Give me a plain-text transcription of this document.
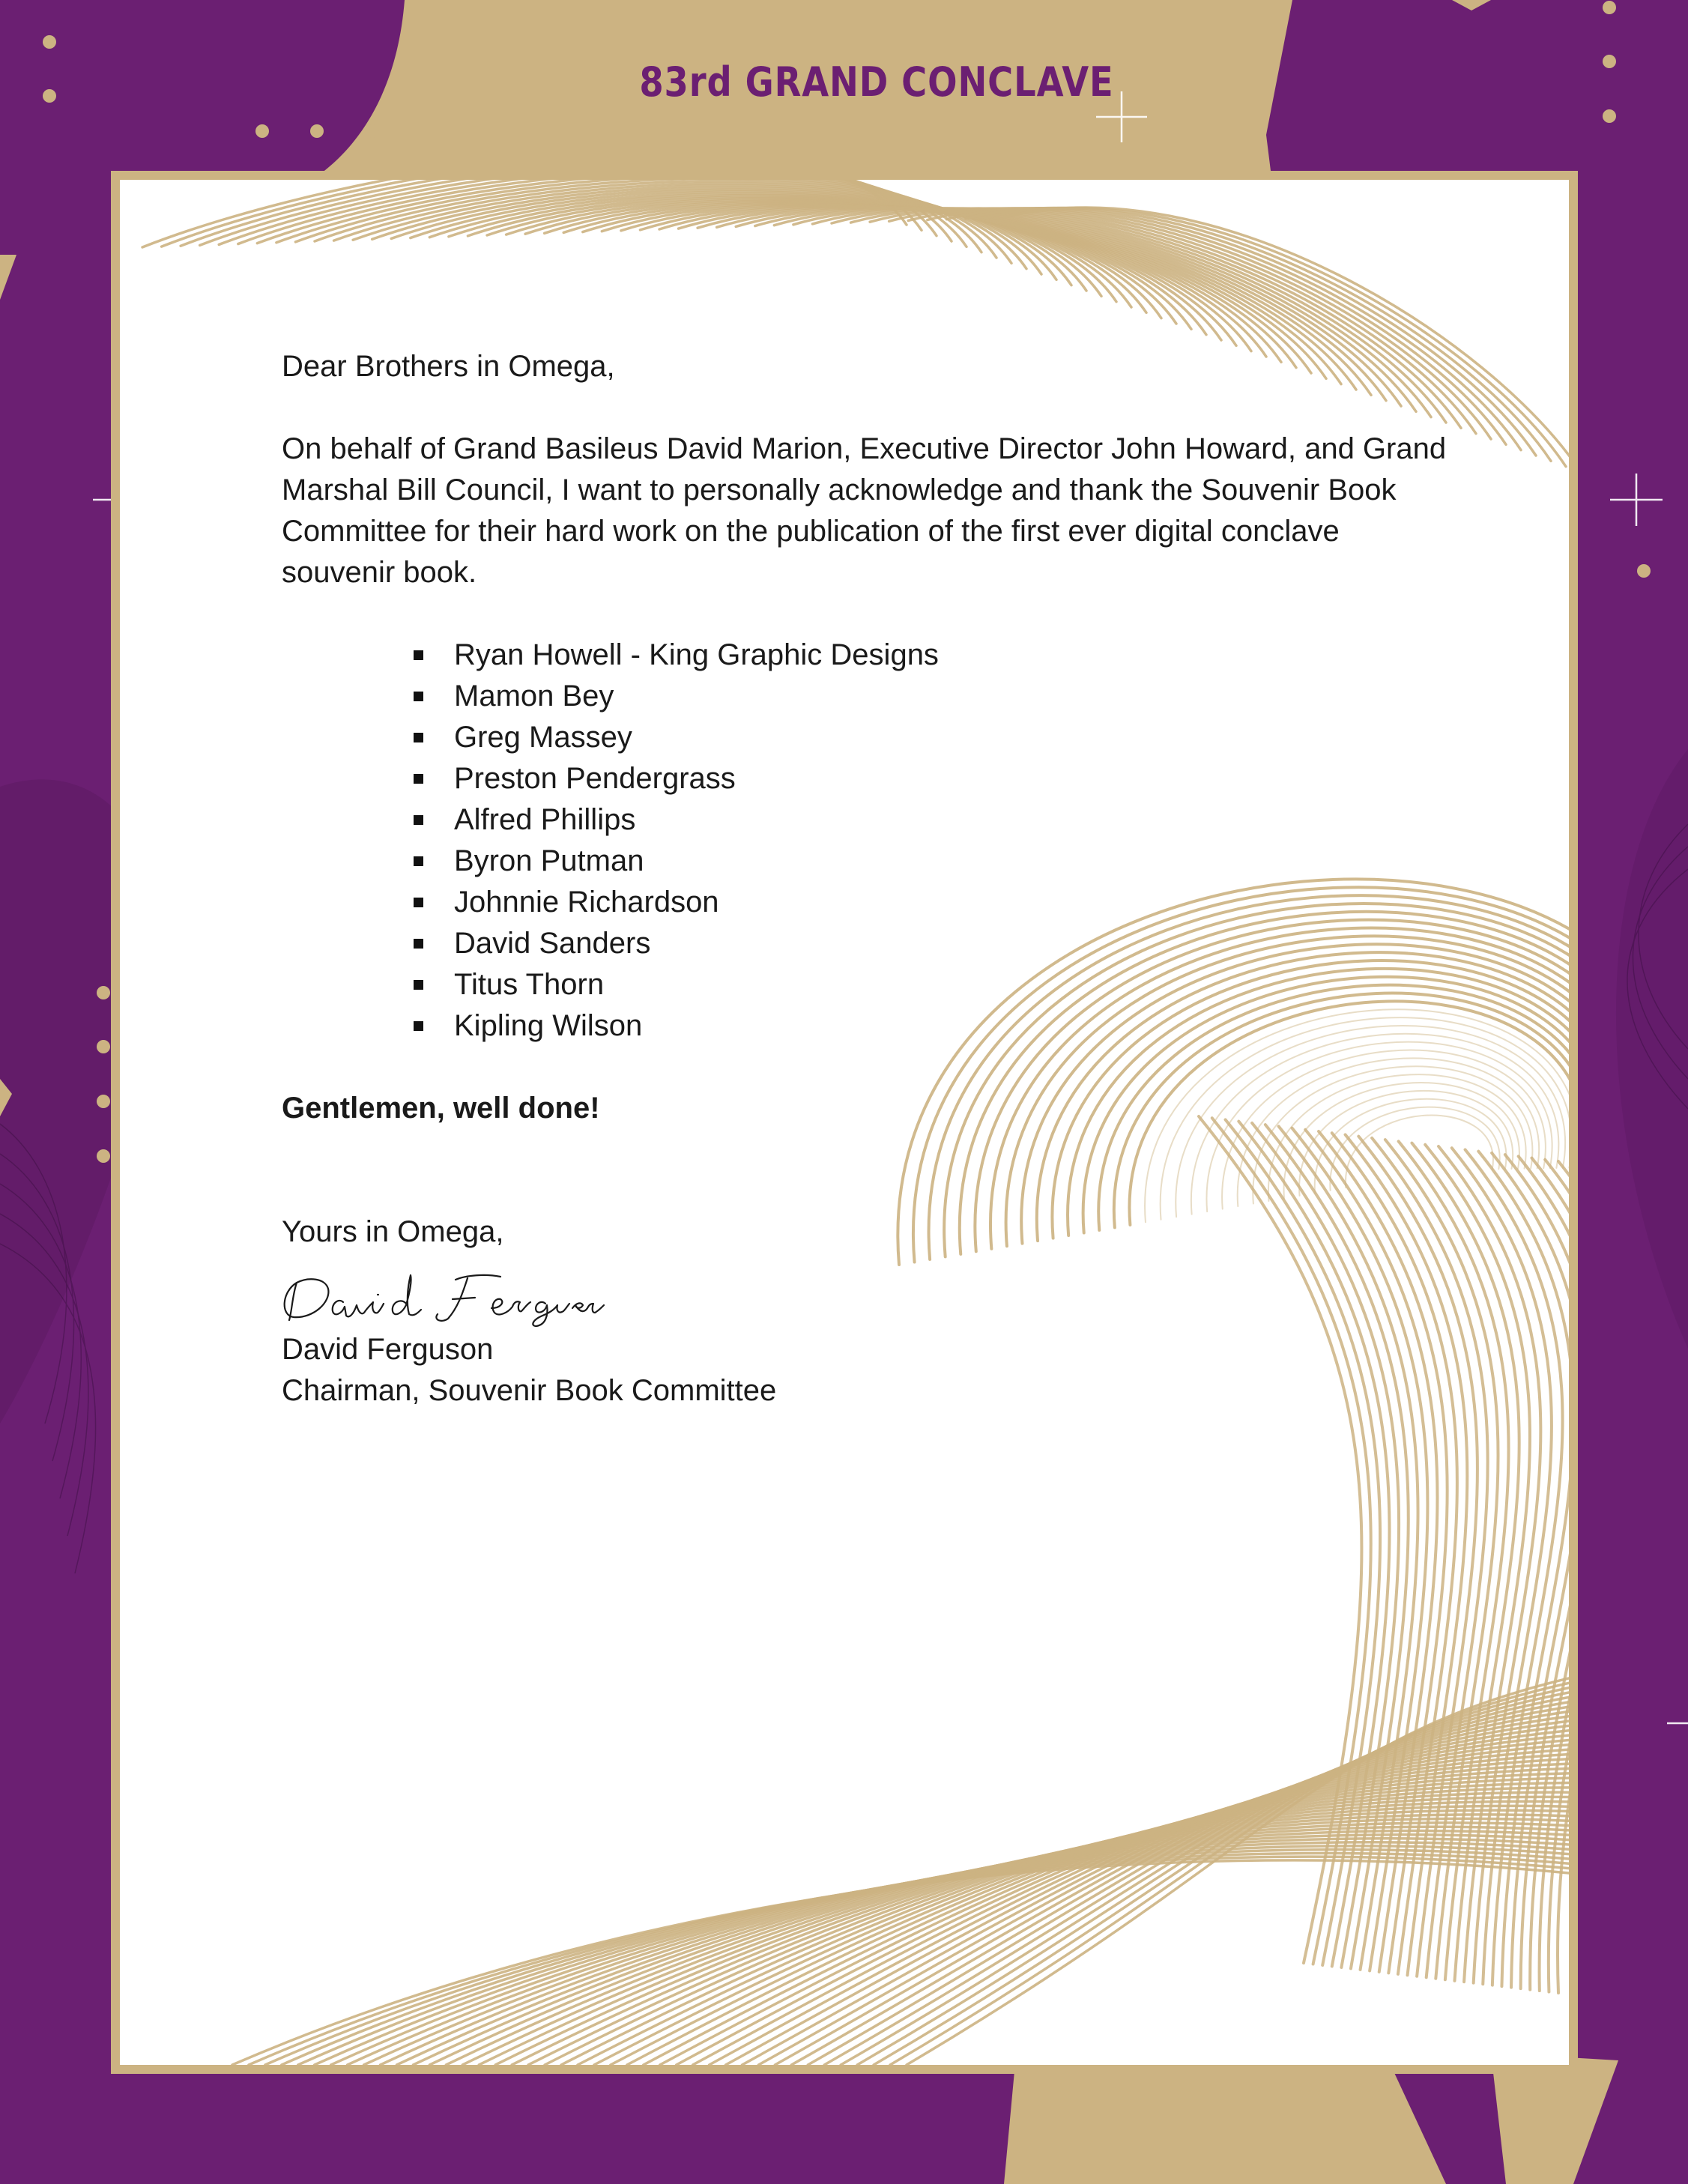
83rd GRAND CONCLAVE

Dear Brothers in Omega,

On behalf of Grand Basileus David Marion, Executive Director John Howard, and Grand Marshal Bill Council, I want to personally acknowledge and thank the Souvenir Book Committee for their hard work on the publication of the first ever digital conclave souvenir book.

Ryan Howell - King Graphic Designs
Mamon Bey
Greg Massey
Preston Pendergrass
Alfred Phillips
Byron Putman
Johnnie Richardson
David Sanders
Titus Thorn
Kipling Wilson

Gentlemen, well done!

Yours in Omega,

David Ferguson

Chairman, Souvenir Book Committee
